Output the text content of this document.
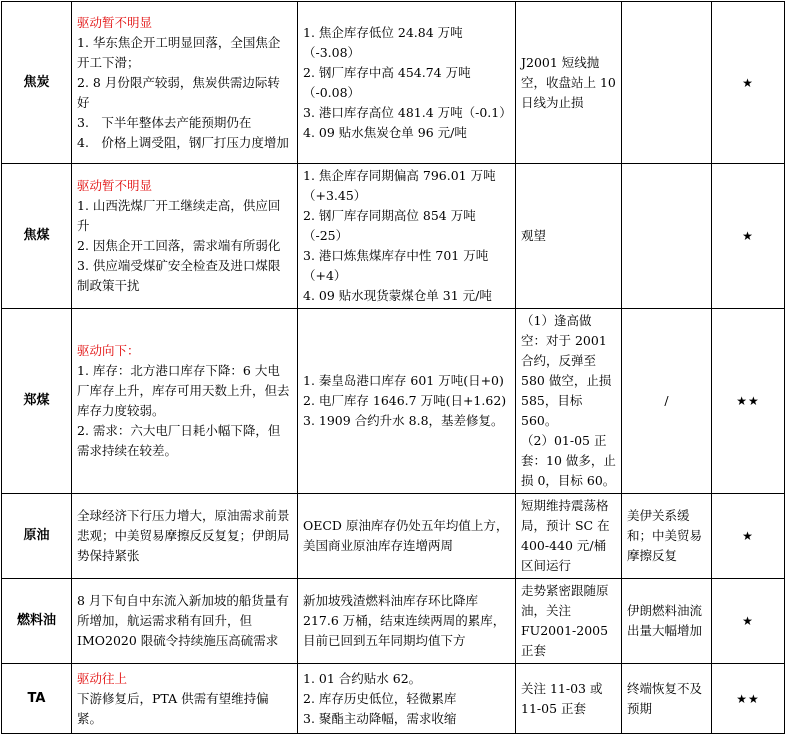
焦炭	驱动暂不明显
1. 华东焦企开工明显回落，全国焦企开工下滑；
2. 8 月份限产较弱，焦炭供需边际转好
3.　下半年整体去产能预期仍在
4.　价格上调受阻，钢厂打压力度增加	1. 焦企库存低位 24.84 万吨（-3.08）
2. 钢厂库存中高 454.74 万吨（-0.08）
3. 港口库存高位 481.4 万吨（-0.1）
4. 09 贴水焦炭仓单 96 元/吨	J2001 短线抛空，收盘站上 10 日线为止损		★
焦煤	驱动暂不明显
1. 山西洗煤厂开工继续走高，供应回升
2. 因焦企开工回落，需求端有所弱化
3. 供应端受煤矿安全检查及进口煤限制政策干扰	1. 焦企库存同期偏高 796.01 万吨（+3.45）
2. 钢厂库存同期高位 854 万吨（-25）
3. 港口炼焦煤库存中性 701 万吨（+4）
4. 09 贴水现货蒙煤仓单 31 元/吨	观望		★
郑煤	驱动向下：
1. 库存：北方港口库存下降：6 大电厂库存上升，库存可用天数上升，但去库存力度较弱。
2. 需求：六大电厂日耗小幅下降，但需求持续在较差。	1. 秦皇岛港口库存 601 万吨(日+0)
2. 电厂库存 1646.7 万吨(日+1.62)
3. 1909 合约升水 8.8，基差修复。	（1）逢高做空：对于 2001 合约，反弹至 580 做空，止损 585，目标 560。
（2）01-05 正套：10 做多，止损 0，目标 60。	/	★★
原油	全球经济下行压力增大，原油需求前景悲观；中美贸易摩擦反反复复；伊朗局势保持紧张	OECD 原油库存仍处五年均值上方，美国商业原油库存连增两周	短期维持震荡格局，预计 SC 在 400-440 元/桶区间运行	美伊关系缓和；中美贸易摩擦反复	★
燃料油	8 月下旬自中东流入新加坡的船货量有所增加，航运需求稍有回升，但 IMO2020 限硫令持续施压高硫需求	新加坡残渣燃料油库存环比降库 217.6 万桶，结束连续两周的累库，目前已回到五年同期均值下方	走势紧密跟随原油，关注 FU2001-2005 正套	伊朗燃料油流出量大幅增加	★
TA	驱动往上
下游修复后，PTA 供需有望维持偏紧。	1. 01 合约贴水 62。
2. 库存历史低位，轻微累库
3. 聚酯主动降幅，需求收缩	关注 11-03 或 11-05 正套	终端恢复不及预期	★★
